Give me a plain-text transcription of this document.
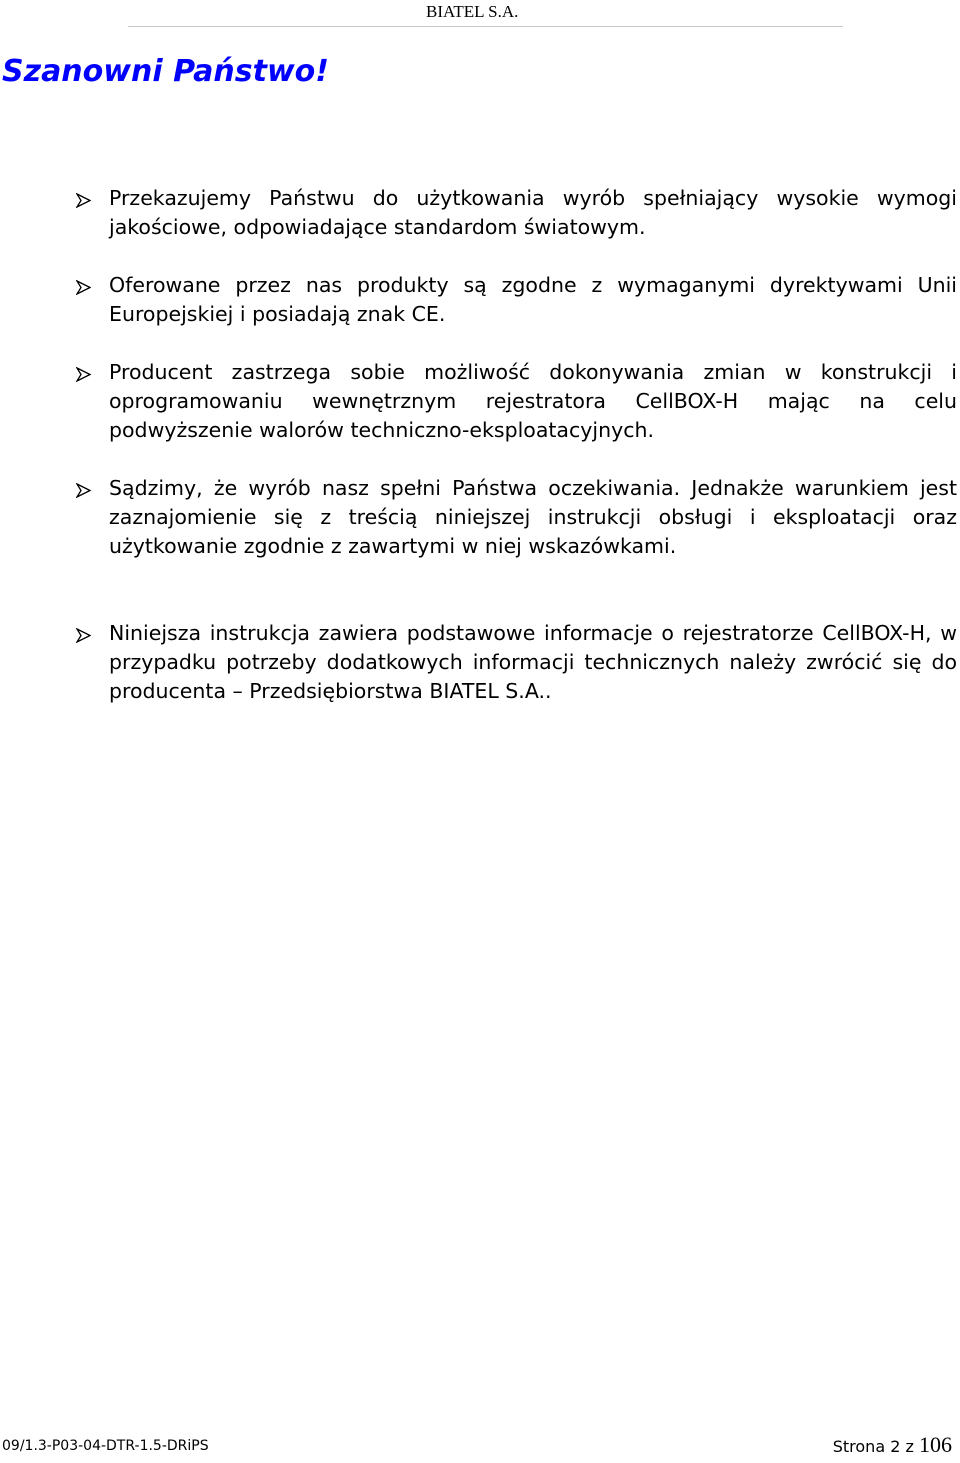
BIATEL S.A.
Szanowni Państwo!

Przekazujemy Państwu do użytkowania wyrób spełniający wysokie wymogi jakościowe, odpowiadające standardom światowym.

Oferowane przez nas produkty są zgodne z wymaganymi dyrektywami Unii Europejskiej i posiadają znak CE.

Producent zastrzega sobie możliwość dokonywania zmian w konstrukcji i oprogramowaniu wewnętrznym rejestratora CellBOX-H mając na celu podwyższenie walorów techniczno-eksploatacyjnych.

Sądzimy, że wyrób nasz spełni Państwa oczekiwania. Jednakże warunkiem jest zaznajomienie się z treścią niniejszej instrukcji obsługi i eksploatacji oraz użytkowanie zgodnie z zawartymi w niej wskazówkami.

Niniejsza instrukcja zawiera podstawowe informacje o rejestratorze CellBOX-H, w przypadku potrzeby dodatkowych informacji technicznych należy zwrócić się do producenta – Przedsiębiorstwa BIATEL S.A..

09/1.3-P03-04-DTR-1.5-DRiPS	Strona 2 z 106
